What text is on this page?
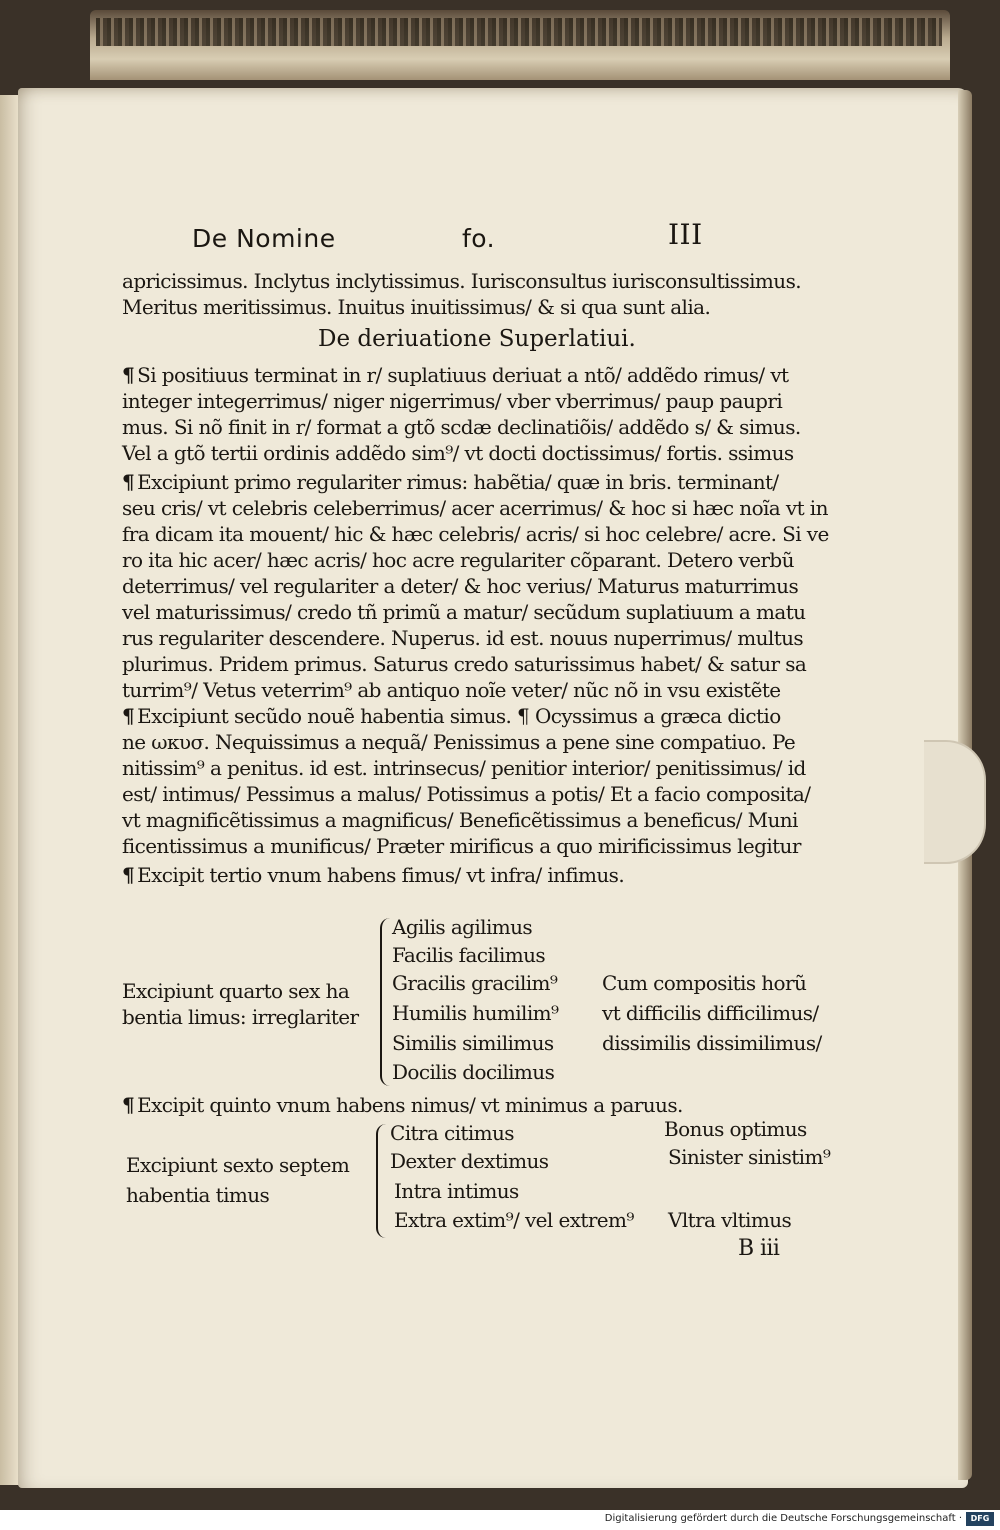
De Nomine	fo.	III
apricissimus. Inclytus inclytissimus. Iurisconsultus iurisconsultissimus.
Meritus meritissimus. Inuitus inuitissimus/ & si qua sunt alia.
De deriuatione Superlatiui.
¶ Si positiuus terminat in r/ suplatiuus deriuat a ntõ/ addẽdo rimus/ vt
integer integerrimus/ niger nigerrimus/ vber vberrimus/ paup paupri
mus. Si nõ finit in r/ format a gtõ scdæ declinatiõis/ addẽdo s/ & simus.
Vel a gtõ tertii ordinis addẽdo sim⁹/ vt docti doctissimus/ fortis. ssimus
¶ Excipiunt primo regulariter rimus: habẽtia/ quæ in bris. terminant/
seu cris/ vt celebris celeberrimus/ acer acerrimus/ & hoc si hæc noĩa vt in
fra dicam ita mouent/ hic & hæc celebris/ acris/ si hoc celebre/ acre. Si ve
ro ita hic acer/ hæc acris/ hoc acre regulariter cõparant. Detero verbũ
deterrimus/ vel regulariter a deter/ & hoc verius/ Maturus maturrimus
vel maturissimus/ credo tñ primũ a matur/ secũdum suplatiuum a matu
rus regulariter descendere. Nuperus. id est. nouus nuperrimus/ multus
plurimus. Pridem primus. Saturus credo saturissimus habet/ & satur sa
turrim⁹/ Vetus veterrim⁹ ab antiquo noĩe veter/ nũc nõ in vsu existẽte
¶ Excipiunt secũdo nouẽ habentia simus. ¶ Ocyssimus a græca dictio
ne ωκυσ. Nequissimus a nequã/ Penissimus a pene sine compatiuo. Pe
nitissim⁹ a penitus. id est. intrinsecus/ penitior interior/ penitissimus/ id
est/ intimus/ Pessimus a malus/ Potissimus a potis/ Et a facio composita/
vt magnificẽtissimus a magnificus/ Beneficẽtissimus a beneficus/ Muni
ficentissimus a munificus/ Præter mirificus a quo mirificissimus legitur
¶ Excipit tertio vnum habens fimus/ vt infra/ infimus.
Excipiunt quarto sex ha
bentia limus: irreglariter
Agilis agilimus
Facilis facilimus
Gracilis gracilim⁹
Humilis humilim⁹
Similis similimus
Docilis docilimus
Cum compositis horũ
vt difficilis difficilimus/
dissimilis dissimilimus/
¶ Excipit quinto vnum habens nimus/ vt minimus a paruus.
Excipiunt sexto septem
habentia timus
Citra citimus
Dexter dextimus
Intra intimus
Extra extim⁹/ vel extrem⁹
Bonus optimus
Sinister sinistim⁹
Vltra vltimus
B iii
Digitalisierung gefördert durch die Deutsche Forschungsgemeinschaft ·	DFG
